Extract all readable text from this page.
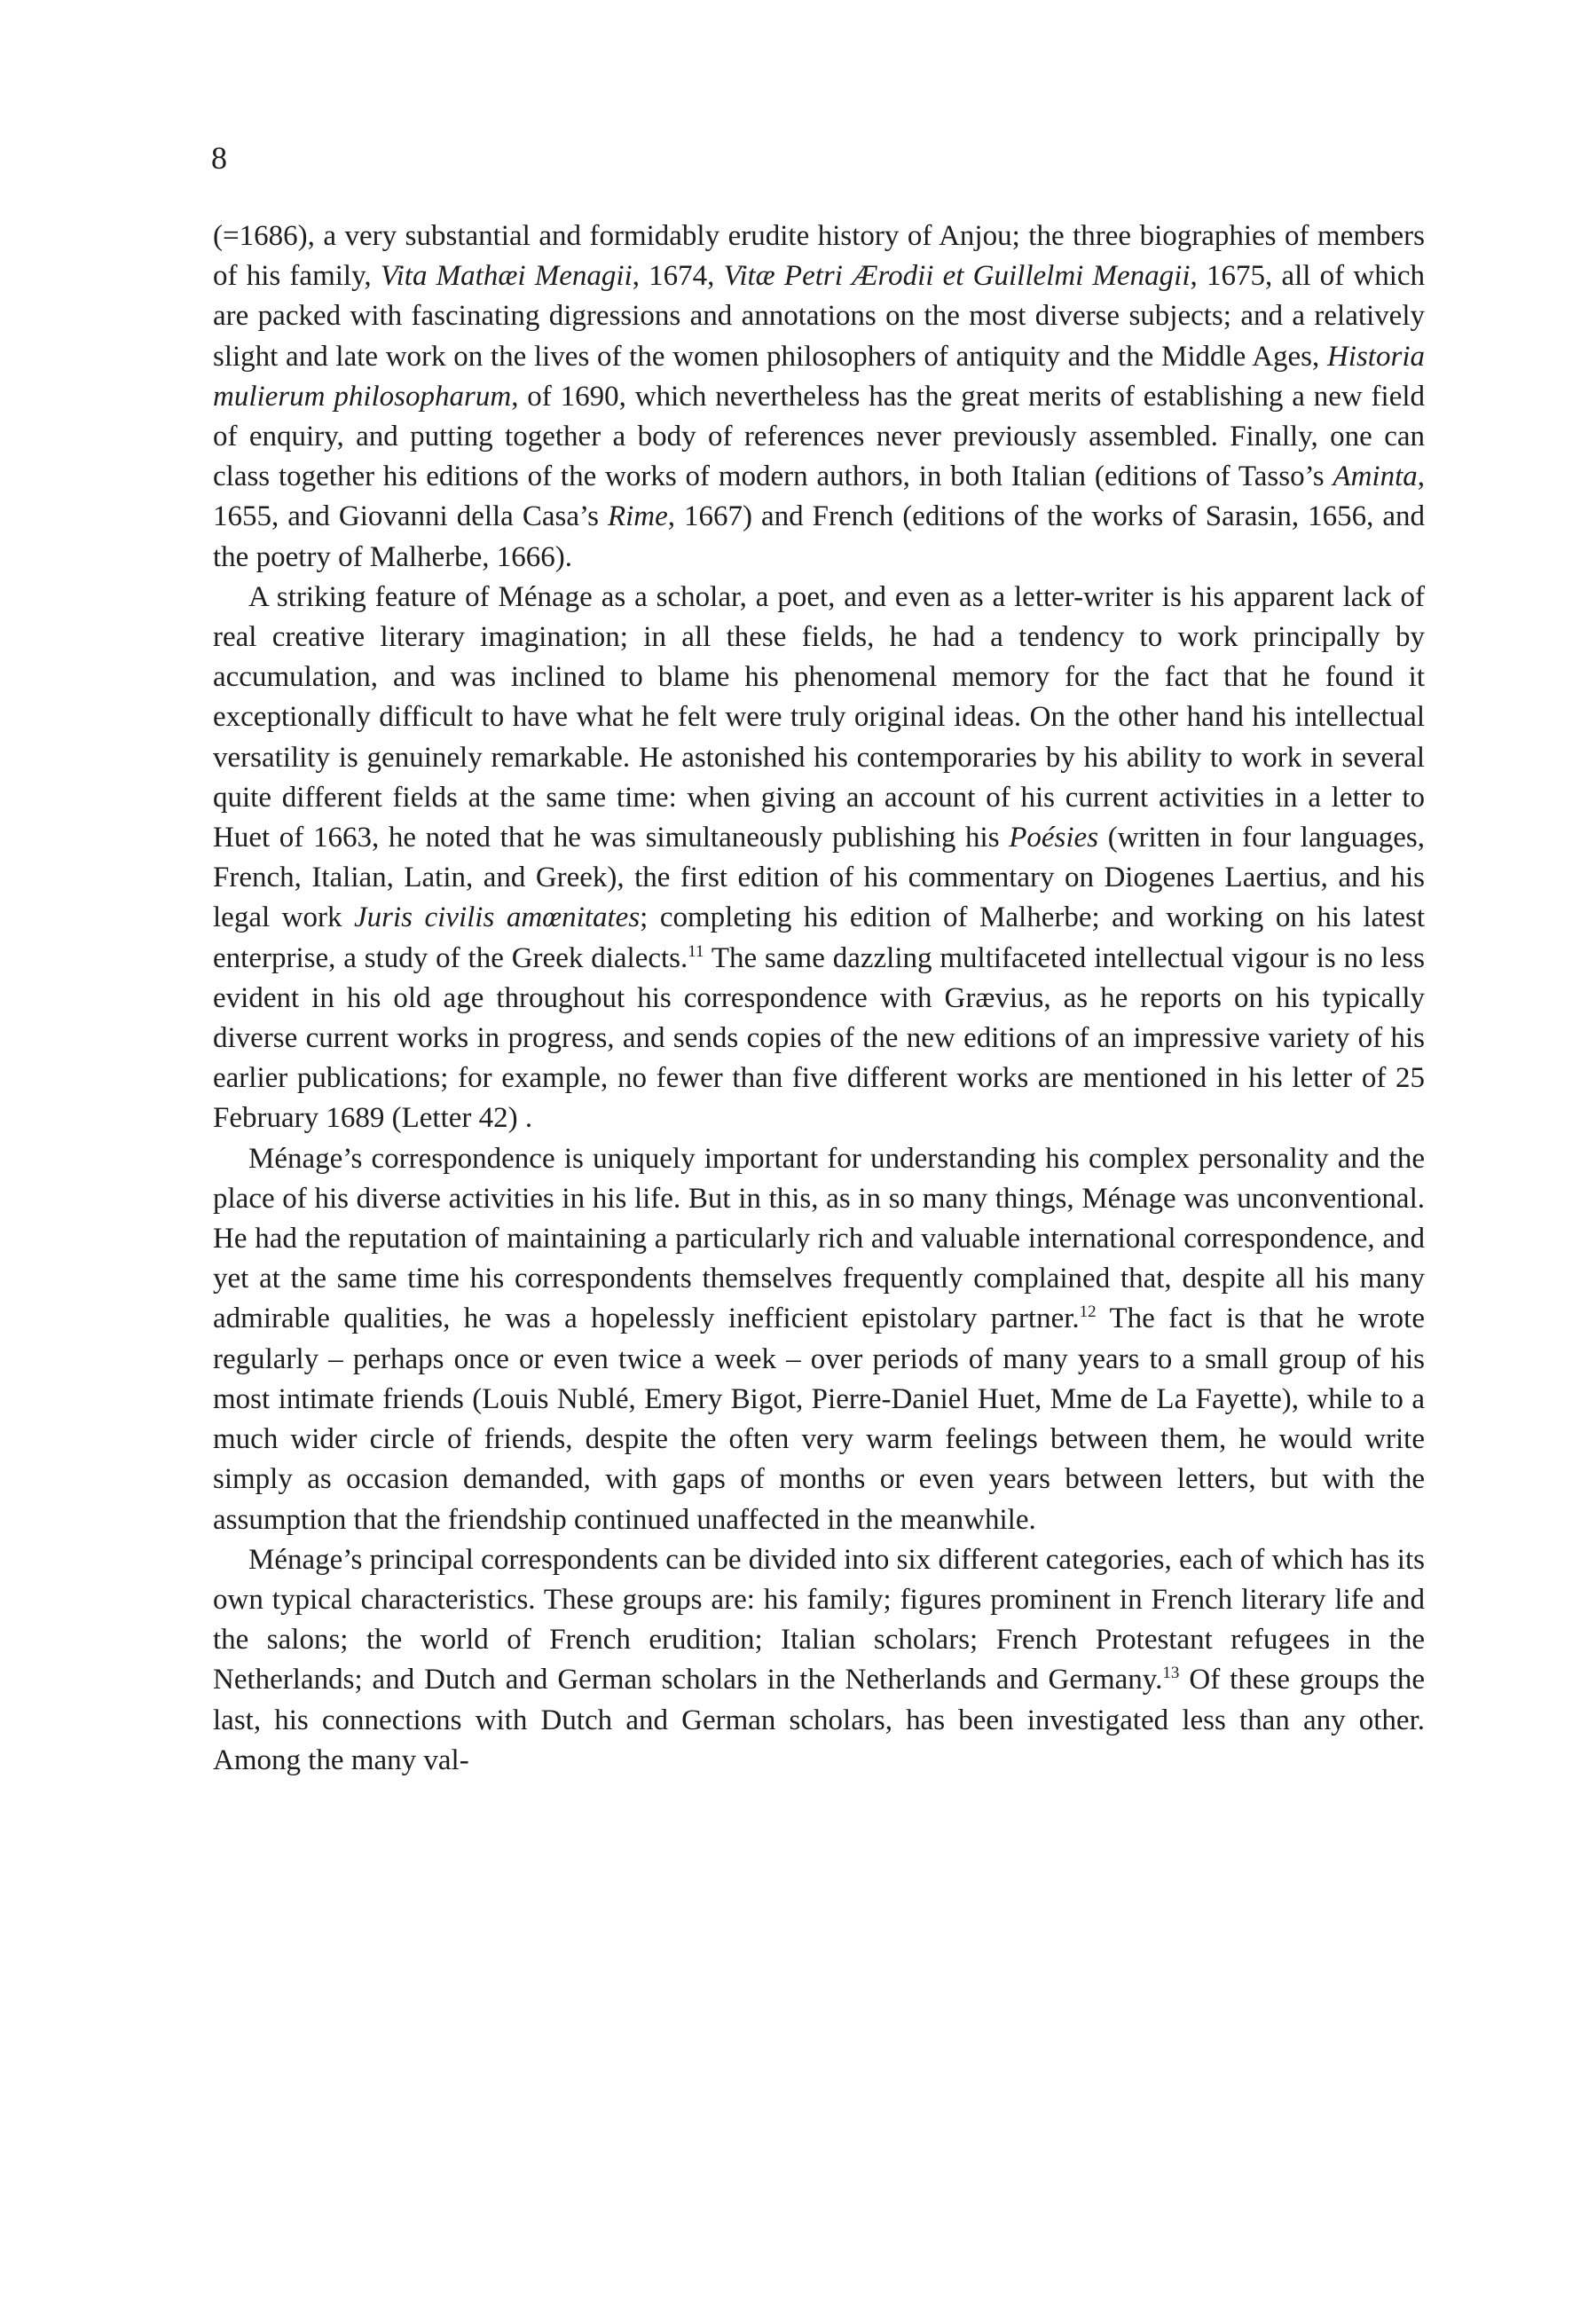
8

(=1686), a very substantial and formidably erudite history of Anjou; the three biographies of members of his family, Vita Mathæi Menagii, 1674, Vitæ Petri Ærodii et Guillelmi Menagii, 1675, all of which are packed with fascinating digressions and annotations on the most diverse subjects; and a relatively slight and late work on the lives of the women philosophers of antiquity and the Middle Ages, Historia mulierum philosopharum, of 1690, which nevertheless has the great merits of establishing a new field of enquiry, and putting together a body of references never previously assembled. Finally, one can class together his editions of the works of modern authors, in both Italian (editions of Tasso’s Aminta, 1655, and Giovanni della Casa’s Rime, 1667) and French (editions of the works of Sarasin, 1656, and the poetry of Malherbe, 1666).

A striking feature of Ménage as a scholar, a poet, and even as a letter-writer is his apparent lack of real creative literary imagination; in all these fields, he had a tendency to work principally by accumulation, and was inclined to blame his phenomenal memory for the fact that he found it exceptionally difficult to have what he felt were truly original ideas. On the other hand his intellectual versatility is genuinely remarkable. He astonished his contemporaries by his ability to work in several quite different fields at the same time: when giving an account of his current activities in a letter to Huet of 1663, he noted that he was simultaneously publishing his Poésies (written in four languages, French, Italian, Latin, and Greek), the first edition of his commentary on Diogenes Laertius, and his legal work Juris civilis amœnitates; completing his edition of Malherbe; and working on his latest enterprise, a study of the Greek dialects.$^{11}$ The same dazzling multifaceted intellectual vigour is no less evident in his old age throughout his correspondence with Grævius, as he reports on his typically diverse current works in progress, and sends copies of the new editions of an impressive variety of his earlier publications; for example, no fewer than five different works are mentioned in his letter of 25 February 1689 (Letter 42) .

Ménage’s correspondence is uniquely important for understanding his complex personality and the place of his diverse activities in his life. But in this, as in so many things, Ménage was unconventional. He had the reputation of maintaining a particularly rich and valuable international correspondence, and yet at the same time his correspondents themselves frequently complained that, despite all his many admirable qualities, he was a hopelessly inefficient epistolary partner.$^{12}$ The fact is that he wrote regularly – perhaps once or even twice a week – over periods of many years to a small group of his most intimate friends (Louis Nublé, Emery Bigot, Pierre-Daniel Huet, Mme de La Fayette), while to a much wider circle of friends, despite the often very warm feelings between them, he would write simply as occasion demanded, with gaps of months or even years between letters, but with the assumption that the friendship continued unaffected in the meanwhile.

Ménage’s principal correspondents can be divided into six different categories, each of which has its own typical characteristics. These groups are: his family; figures prominent in French literary life and the salons; the world of French erudition; Italian scholars; French Protestant refugees in the Netherlands; and Dutch and German scholars in the Netherlands and Germany.$^{13}$ Of these groups the last, his connections with Dutch and German scholars, has been investigated less than any other. Among the many val-
